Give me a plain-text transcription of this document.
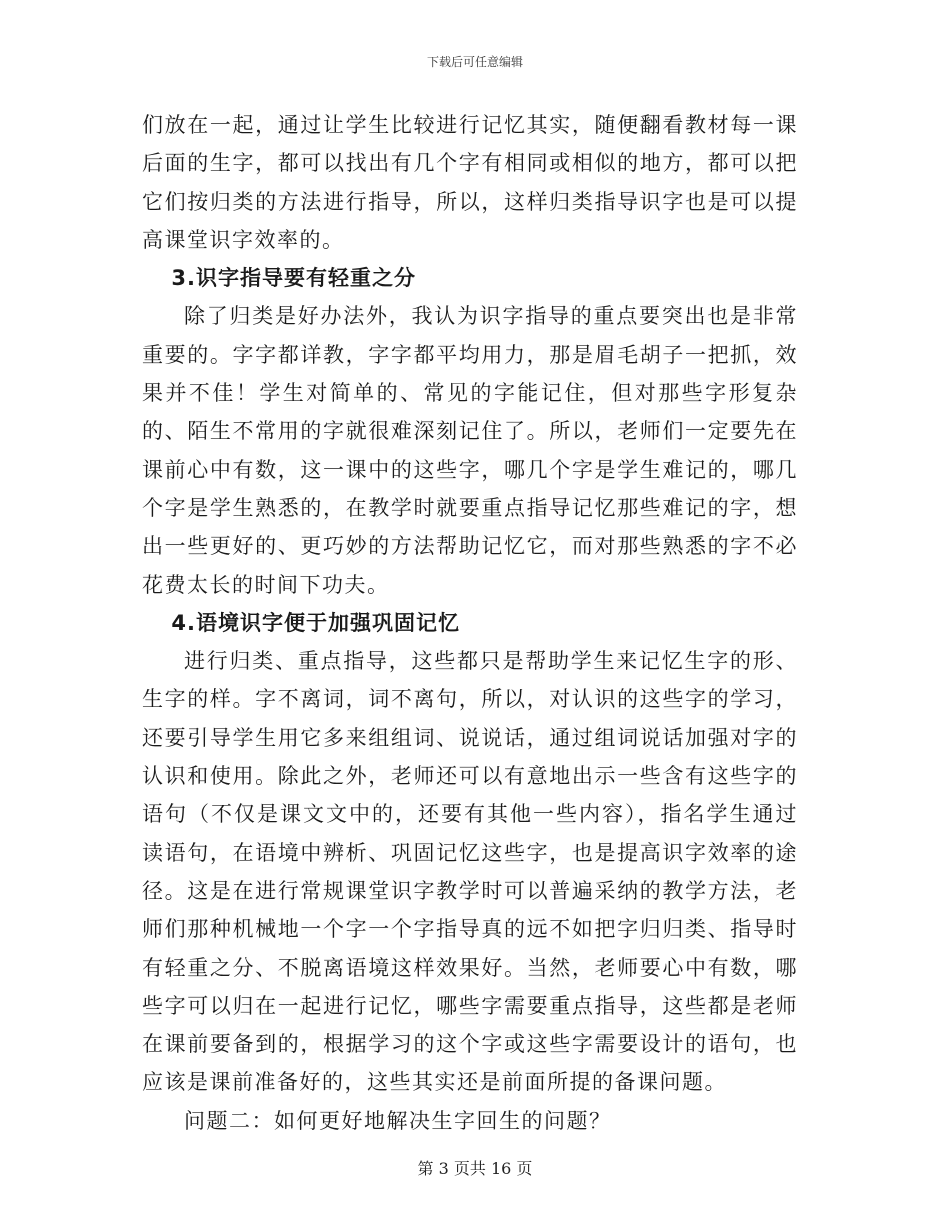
下载后可任意编辑

们放在一起，通过让学生比较进行记忆其实，随便翻看教材每一课后面的生字，都可以找出有几个字有相同或相似的地方，都可以把它们按归类的方法进行指导，所以，这样归类指导识字也是可以提高课堂识字效率的。

3.识字指导要有轻重之分

除了归类是好办法外，我认为识字指导的重点要突出也是非常重要的。字字都详教，字字都平均用力，那是眉毛胡子一把抓，效果并不佳！学生对简单的、常见的字能记住，但对那些字形复杂的、陌生不常用的字就很难深刻记住了。所以，老师们一定要先在课前心中有数，这一课中的这些字，哪几个字是学生难记的，哪几个字是学生熟悉的，在教学时就要重点指导记忆那些难记的字，想出一些更好的、更巧妙的方法帮助记忆它，而对那些熟悉的字不必花费太长的时间下功夫。

4.语境识字便于加强巩固记忆

进行归类、重点指导，这些都只是帮助学生来记忆生字的形、生字的样。字不离词，词不离句，所以，对认识的这些字的学习，还要引导学生用它多来组组词、说说话，通过组词说话加强对字的认识和使用。除此之外，老师还可以有意地出示一些含有这些字的语句（不仅是课文文中的，还要有其他一些内容），指名学生通过读语句，在语境中辨析、巩固记忆这些字，也是提高识字效率的途径。这是在进行常规课堂识字教学时可以普遍采纳的教学方法，老师们那种机械地一个字一个字指导真的远不如把字归归类、指导时有轻重之分、不脱离语境这样效果好。当然，老师要心中有数，哪些字可以归在一起进行记忆，哪些字需要重点指导，这些都是老师在课前要备到的，根据学习的这个字或这些字需要设计的语句，也应该是课前准备好的，这些其实还是前面所提的备课问题。

问题二：如何更好地解决生字回生的问题？

第 3 页共 16 页
